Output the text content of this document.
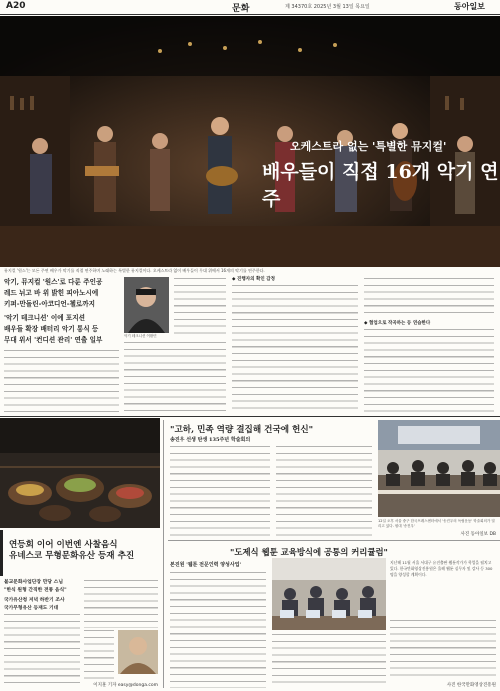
A20	문화	제 34370호 2025년 3월 13일 목요일	동아일보
오케스트라 없는 '특별한 뮤지컬'
배우들이 직접 16개 악기 연주
뮤지컬 '원스'는 모든 주연 배우가 악기를 직접 연주하며 노래하는 특별한 뮤지컬이다. 오케스트라 없이 배우들이 무대 위에서 16개의 악기를 연주한다.
악기, 뮤지컬 '원스'로 다룬 주인공
레드 뉘고 바 위 밝힌 피아노시에
키퍼-만돌린-아코디언-첼로까지
'악기 테크니션' 이에 포지션
배우들 확장 배터리 악기 통식 등
무대 위서 '컨디션 관리' 연출 일부	악기 테크니션 이환민
◆ 진행자의 확인 감정
◆ 협업으로 작곡하는 등 연습한다
연등회 이어 이번엔 사찰음식
유네스코 무형문화유산 등재 추진
불교문화사업단장 만당 스님
"한식 원형 간직한 전통 음식"
국가유산청 저녁 하반기 조사
국가무형유산 등재도 기대
이지훈 기자 easy@donga.com
"고하, 민족 역량 결집해 건국에 헌신"
송진우 선생 탄생 135주년 학술회의
12일 오후 서울 중구 한국프레스센터에서 '송진우의 독립운동' 학술회의가 열리고 있다. 원대 '송진우'
사진 동아일보 DB
"도제식 웹툰 교육방식에 공통의 커리큘럼"
본진원 '웹툰 전문인력 양성사업'	지난해 11월 서울 서대구 유진출판 웹툰작가가 학업을 펼치고 있다. 한국만화영상진흥원은 올해 웹툰 실무자 및 강사 등 300명을 양성할 계획이다.
사진 한국만화영상진흥원
